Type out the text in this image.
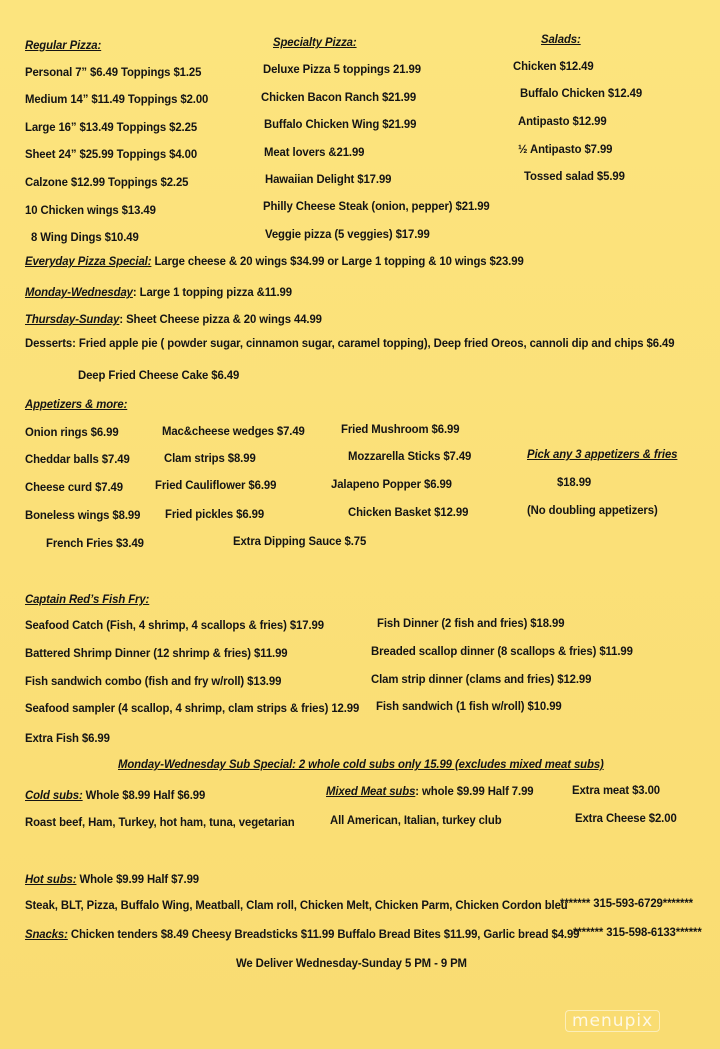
Regular Pizza:
Personal 7” $6.49 Toppings $1.25
Medium 14” $11.49 Toppings $2.00
Large 16” $13.49 Toppings $2.25
Sheet 24” $25.99 Toppings $4.00
Calzone $12.99 Toppings $2.25
10 Chicken wings $13.49
8 Wing Dings $10.49
Specialty Pizza:
Deluxe Pizza 5 toppings 21.99
Chicken Bacon Ranch $21.99
Buffalo Chicken Wing $21.99
Meat lovers &21.99
Hawaiian Delight $17.99
Philly Cheese Steak (onion, pepper) $21.99
Veggie pizza (5 veggies) $17.99
Salads:
Chicken $12.49
Buffalo Chicken $12.49
Antipasto $12.99
½ Antipasto $7.99
Tossed salad $5.99
Everyday Pizza Special: Large cheese & 20 wings $34.99 or Large 1 topping & 10 wings $23.99
Monday-Wednesday: Large 1 topping pizza &11.99
Thursday-Sunday: Sheet Cheese pizza & 20 wings 44.99
Desserts: Fried apple pie ( powder sugar, cinnamon sugar, caramel topping), Deep fried Oreos, cannoli dip and chips $6.49
Deep Fried Cheese Cake $6.49
Appetizers & more:
Onion rings $6.99
Cheddar balls $7.49
Cheese curd $7.49
Boneless wings $8.99
French Fries $3.49
Mac&cheese wedges $7.49
Clam strips $8.99
Fried Cauliflower $6.99
Fried pickles $6.99
Extra Dipping Sauce $.75
Fried Mushroom $6.99
Mozzarella Sticks $7.49
Jalapeno Popper $6.99
Chicken Basket $12.99
Pick any 3 appetizers & fries
$18.99
(No doubling appetizers)
Captain Red’s Fish Fry:
Seafood Catch (Fish, 4 shrimp, 4 scallops & fries) $17.99
Battered Shrimp Dinner (12 shrimp & fries) $11.99
Fish sandwich combo (fish and fry w/roll) $13.99
Seafood sampler (4 scallop, 4 shrimp, clam strips & fries) 12.99
Extra Fish $6.99
Fish Dinner (2 fish and fries) $18.99
Breaded scallop dinner (8 scallops & fries) $11.99
Clam strip dinner (clams and fries) $12.99
Fish sandwich (1 fish w/roll) $10.99
Monday-Wednesday Sub Special: 2 whole cold subs only 15.99 (excludes mixed meat subs)
Cold subs: Whole $8.99 Half $6.99
Roast beef, Ham, Turkey, hot ham, tuna, vegetarian
Mixed Meat subs: whole $9.99 Half 7.99
All American, Italian, turkey club
Extra meat $3.00
Extra Cheese $2.00
Hot subs: Whole $9.99 Half $7.99
Steak, BLT, Pizza, Buffalo Wing, Meatball, Clam roll, Chicken Melt, Chicken Parm, Chicken Cordon bleu
******* 315-593-6729*******
Snacks: Chicken tenders $8.49 Cheesy Breadsticks $11.99 Buffalo Bread Bites $11.99, Garlic bread $4.99
******* 315-598-6133******
We Deliver Wednesday-Sunday 5 PM - 9 PM
menupix
